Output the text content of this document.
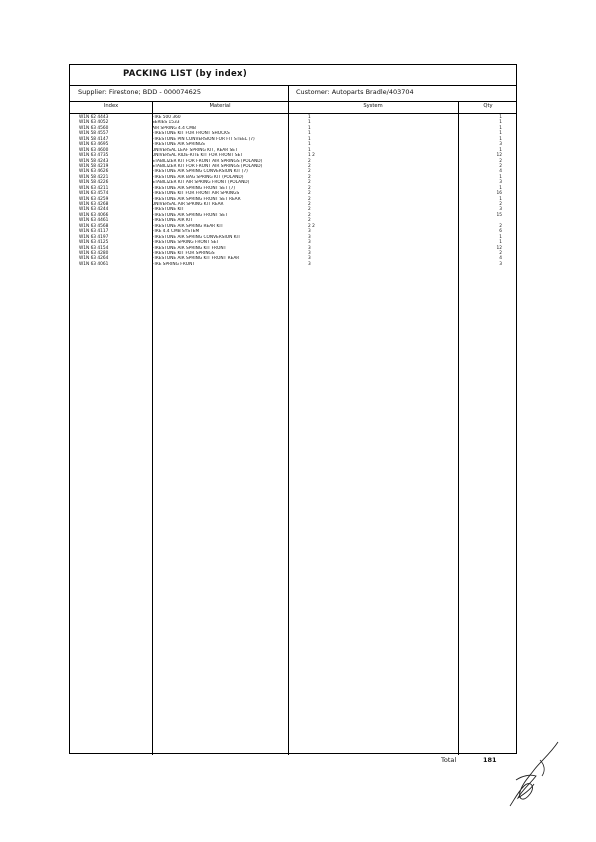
PACKING LIST (by index)
Supplier: Firestone; BDD - 000074625	Customer: Autoparts Bradle/403704
Index	Material	System	Qty
W1N 62 4443	FIRE 500 360	1	1
W1N 63 4052	SERIES 1533	1	1
W1N 63 4560	AIR SPRING 4.4 CMB	1	1
W1N 58 4557	FIRESTONE KIT FOR FRONT SHOCKS	1	1
W1N 58 4147	FIRESTONE PIN CONVERSION FOR FIT STEEL (7)	1	1
W1N 63 4695	FIRESTONE AIR SPRINGS	1	3
W1N 63 4600	UNIVERSAL LEAF SPRING KIT, REAR SET	1	1
W1N 63 4735	UNIVERSAL RIDE-RITE KIT FOR FRONT SET	1 2	12
W1N 58 4243	STABILIZER KIT FOR FRONT AIR SPRINGS (POLAND)	2	2
W1N 58 4219	STABILIZER KIT FOR FRONT AIR SPRINGS (POLAND)	2	2
W1N 63 4626	FIRESTONE AIR SPRING CONVERSION KIT (7)	2	4
W1N 58 4221	FIRESTONE AIR BAG SPRING KIT (POLAND)	2	1
W1N 58 4226	STABILIZER KIT AIR SPRING FRONT (POLAND)	2	3
W1N 63 4211	FIRESTONE AIR SPRING FRONT SET (7)	2	1
W1N 63 4574	FIRESTONE KIT FOR FRONT AIR SPRINGS	2	16
W1N 63 4259	FIRESTONE AIR SPRING FRONT SET REAR	2	1
W1N 63 4268	UNIVERSAL AIR SPRING KIT REAR	2	2
W1N 63 4244	FIRESTONE KIT	2	3
W1N 63 4066	FIRESTONE AIR SPRING FRONT SET	2	15
W1N 63 4461	FIRESTONE AIR KIT	2
W1N 63 4568	FIRESTONE AIR SPRING REAR KIT	2 2	2
W1N 63 4117	FIRE 4.4 CMB SYSTEM	3	6
W1N 63 4197	FIRESTONE AIR SPRING CONVERSION KIT	3	1
W1N 63 4125	FIRESTONE SPRING FRONT SET	3	1
W1N 63 4154	FIRESTONE AIR SPRING KIT FRONT	3	12
W1N 63 4280	FIRESTONE KIT FOR SPRINGS	3	2
W1N 63 4264	FIRESTONE AIR SPRING KIT FRONT REAR	3	4
W1N 63 4061	FIRE SPRING FRONT	3	3
Total	181
